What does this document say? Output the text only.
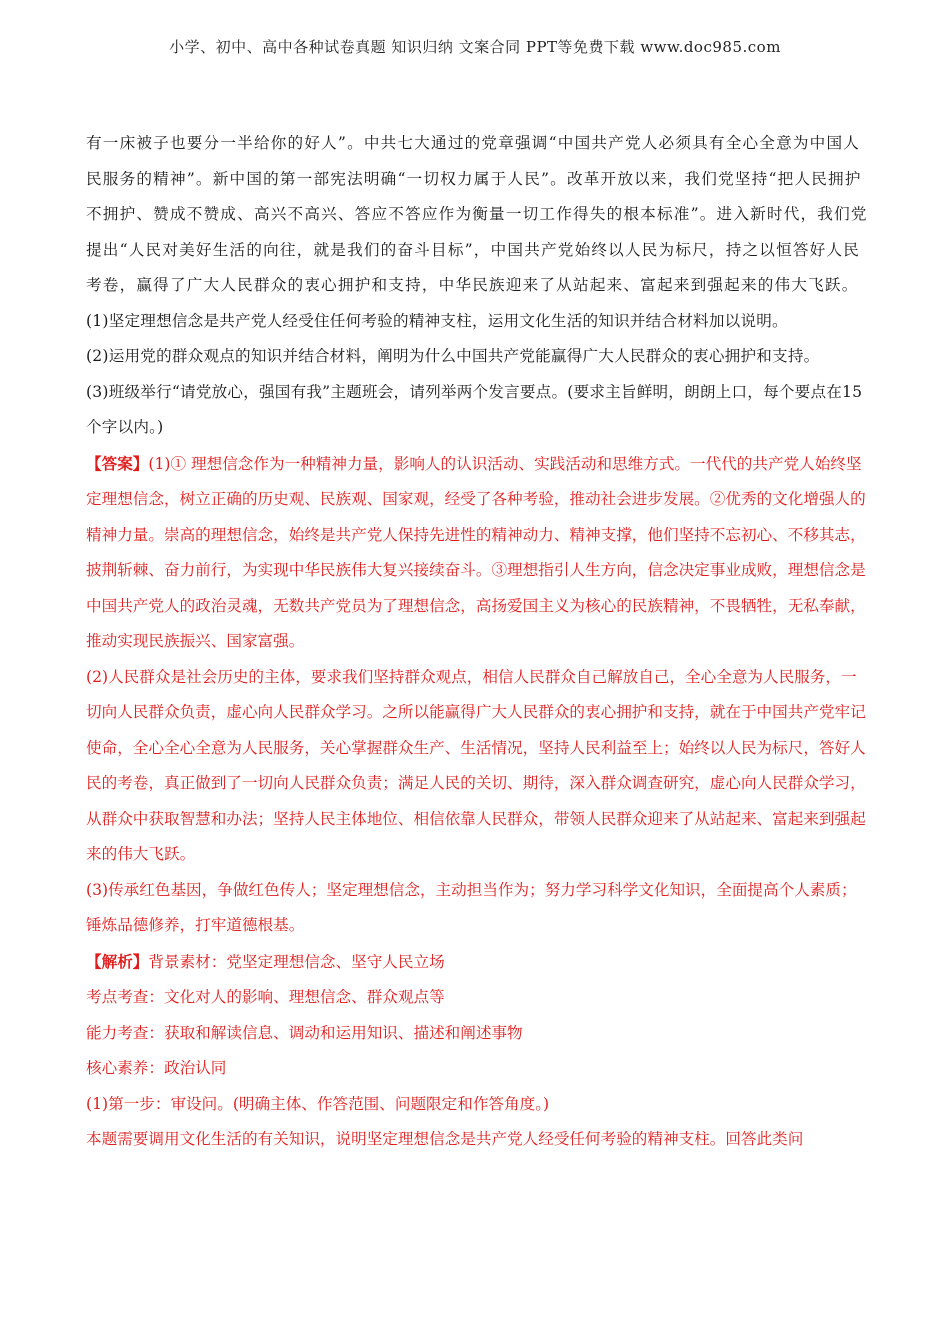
小学、初中、高中各种试卷真题 知识归纳 文案合同 PPT等免费下载 www.doc985.com

有一床被子也要分一半给你的好人”。中共七大通过的党章强调“中国共产党人必须具有全心全意为中国人民服务的精神”。新中国的第一部宪法明确“一切权力属于人民”。改革开放以来，我们党坚持“把人民拥护不拥护、赞成不赞成、高兴不高兴、答应不答应作为衡量一切工作得失的根本标准”。进入新时代，我们党提出“人民对美好生活的向往，就是我们的奋斗目标”，中国共产党始终以人民为标尺，持之以恒答好人民考卷，赢得了广大人民群众的衷心拥护和支持，中华民族迎来了从站起来、富起来到强起来的伟大飞跃。

(1)坚定理想信念是共产党人经受住任何考验的精神支柱，运用文化生活的知识并结合材料加以说明。

(2)运用党的群众观点的知识并结合材料，阐明为什么中国共产党能赢得广大人民群众的衷心拥护和支持。

(3)班级举行“请党放心，强国有我”主题班会，请列举两个发言要点。(要求主旨鲜明，朗朗上口，每个要点在15个字以内。)

【答案】(1)① 理想信念作为一种精神力量，影响人的认识活动、实践活动和思维方式。一代代的共产党人始终坚定理想信念，树立正确的历史观、民族观、国家观，经受了各种考验，推动社会进步发展。②优秀的文化增强人的精神力量。崇高的理想信念，始终是共产党人保持先进性的精神动力、精神支撑，他们坚持不忘初心、不移其志，披荆斩棘、奋力前行，为实现中华民族伟大复兴接续奋斗。③理想指引人生方向，信念决定事业成败，理想信念是中国共产党人的政治灵魂，无数共产党员为了理想信念，高扬爱国主义为核心的民族精神，不畏牺牲，无私奉献，推动实现民族振兴、国家富强。

(2)人民群众是社会历史的主体，要求我们坚持群众观点，相信人民群众自己解放自己，全心全意为人民服务，一切向人民群众负责，虚心向人民群众学习。之所以能赢得广大人民群众的衷心拥护和支持，就在于中国共产党牢记使命，全心全心全意为人民服务，关心掌握群众生产、生活情况，坚持人民利益至上；始终以人民为标尺，答好人民的考卷，真正做到了一切向人民群众负责；满足人民的关切、期待，深入群众调查研究，虚心向人民群众学习，从群众中获取智慧和办法；坚持人民主体地位、相信依靠人民群众，带领人民群众迎来了从站起来、富起来到强起来的伟大飞跃。

(3)传承红色基因，争做红色传人；坚定理想信念，主动担当作为；努力学习科学文化知识，全面提高个人素质；锤炼品德修养，打牢道德根基。

【解析】背景素材：党坚定理想信念、坚守人民立场

考点考查：文化对人的影响、理想信念、群众观点等

能力考查：获取和解读信息、调动和运用知识、描述和阐述事物

核心素养：政治认同

(1)第一步：审设问。(明确主体、作答范围、问题限定和作答角度。)

本题需要调用文化生活的有关知识，说明坚定理想信念是共产党人经受任何考验的精神支柱。回答此类问
